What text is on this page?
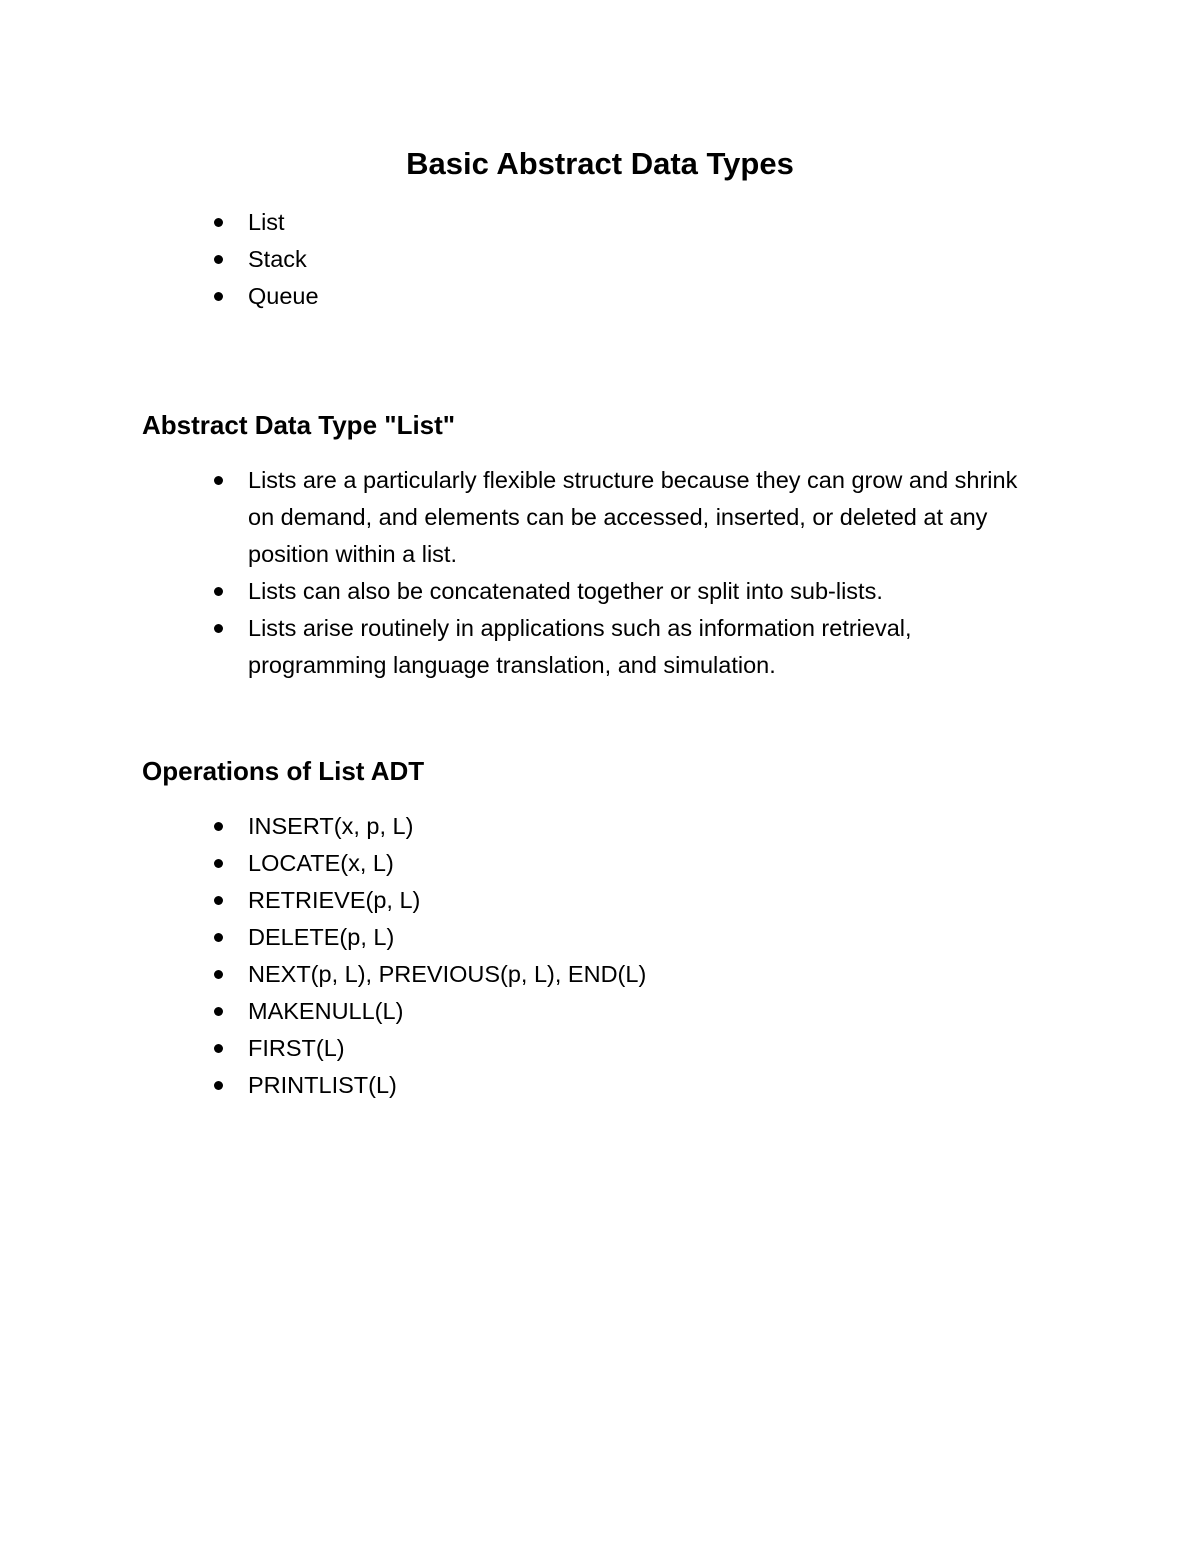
Basic Abstract Data Types
List
Stack
Queue
Abstract Data Type "List"
Lists are a particularly flexible structure because they can grow and shrink on demand, and elements can be accessed, inserted, or deleted at any position within a list.
Lists can also be concatenated together or split into sub-lists.
Lists arise routinely in applications such as information retrieval, programming language translation, and simulation.
Operations of List ADT
INSERT(x, p, L)
LOCATE(x, L)
RETRIEVE(p, L)
DELETE(p, L)
NEXT(p, L), PREVIOUS(p, L), END(L)
MAKENULL(L)
FIRST(L)
PRINTLIST(L)
